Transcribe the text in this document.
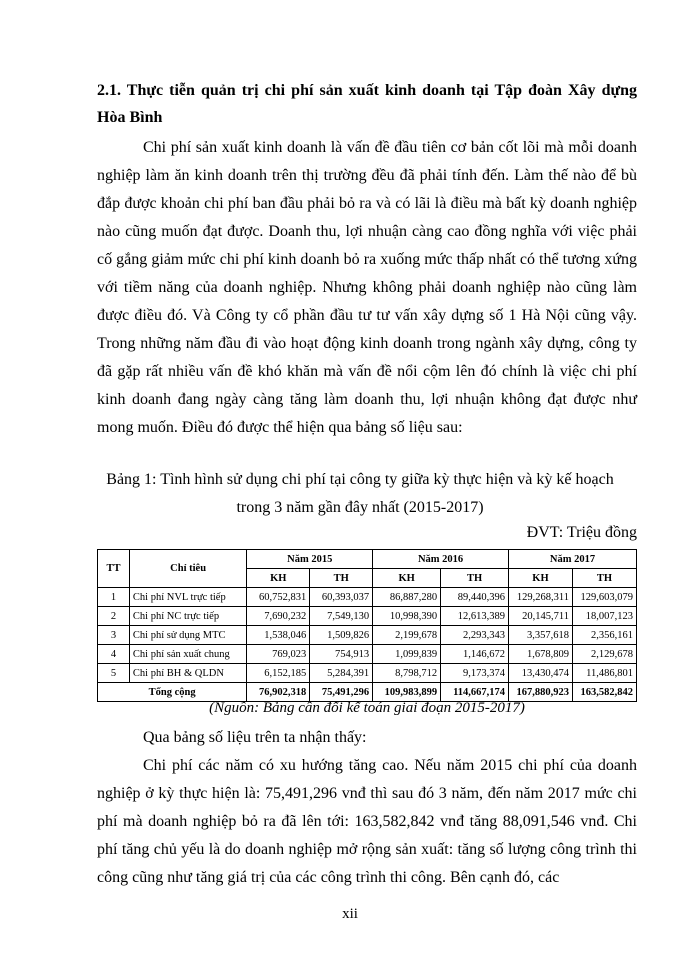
2.1. Thực tiễn quản trị chi phí sản xuất kinh doanh tại Tập đoàn Xây dựng Hòa Bình
Chi phí sản xuất kinh doanh là vấn đề đầu tiên cơ bản cốt lõi mà mỗi doanh nghiệp làm ăn kinh doanh trên thị trường đều đã phải tính đến. Làm thế nào để bù đắp được khoản chi phí ban đầu phải bỏ ra và có lãi là điều mà bất kỳ doanh nghiệp nào cũng muốn đạt được. Doanh thu, lợi nhuận càng cao đồng nghĩa với việc phải cố gắng giảm mức chi phí kinh doanh bỏ ra xuống mức thấp nhất có thể tương xứng với tiềm năng của doanh nghiệp. Nhưng không phải doanh nghiệp nào cũng làm được điều đó. Và Công ty cổ phần đầu tư tư vấn xây dựng số 1 Hà Nội cũng vậy. Trong những năm đầu đi vào hoạt động kinh doanh trong ngành xây dựng, công ty đã gặp rất nhiều vấn đề khó khăn mà vấn đề nổi cộm lên đó chính là việc chi phí kinh doanh đang ngày càng tăng làm doanh thu, lợi nhuận không đạt được như mong muốn. Điều đó được thể hiện qua bảng số liệu sau:
Bảng 1: Tình hình sử dụng chi phí tại công ty giữa kỳ thực hiện và kỳ kế hoạch
trong 3 năm gần đây nhất (2015-2017)
ĐVT: Triệu đồng
TT	Chỉ tiêu	Năm 2015		Năm 2016		Năm 2017	
		KH	TH	KH	TH	KH	TH
1	Chi phí NVL trực tiếp	60,752,831	60,393,037	86,887,280	89,440,396	129,268,311	129,603,079
2	Chi phí NC trực tiếp	7,690,232	7,549,130	10,998,390	12,613,389	20,145,711	18,007,123
3	Chi phí sử dụng MTC	1,538,046	1,509,826	2,199,678	2,293,343	3,357,618	2,356,161
4	Chi phí sản xuất chung	769,023	754,913	1,099,839	1,146,672	1,678,809	2,129,678
5	Chi phí BH & QLDN	6,152,185	5,284,391	8,798,712	9,173,374	13,430,474	11,486,801
Tổng cộng		76,902,318	75,491,296	109,983,899	114,667,174	167,880,923	163,582,842
(Nguồn: Bảng cân đối kế toán giai đoạn 2015-2017)
Qua bảng số liệu trên ta nhận thấy:
Chi phí các năm có xu hướng tăng cao. Nếu năm 2015 chi phí của doanh nghiệp ở kỳ thực hiện là: 75,491,296 vnđ thì sau đó 3 năm, đến năm 2017 mức chi phí mà doanh nghiệp bỏ ra đã lên tới: 163,582,842 vnđ tăng 88,091,546 vnđ. Chi phí tăng chủ yếu là do doanh nghiệp mở rộng sản xuất: tăng số lượng công trình thi công cũng như tăng giá trị của các công trình thi công. Bên cạnh đó, các
xii
